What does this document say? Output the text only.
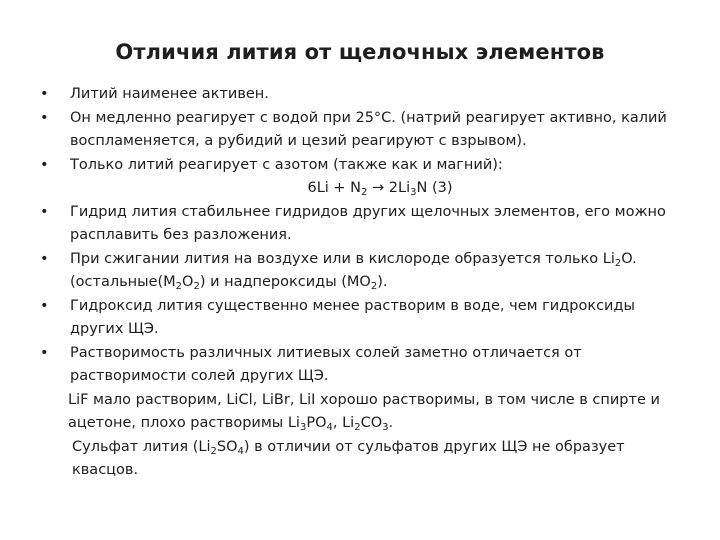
Отличия лития от щелочных элементов
• Литий наименее активен.
• Он медленно реагирует с водой при 25°С. (натрий реагирует активно, калий
воспламеняется, а рубидий и цезий реагируют с взрывом).
• Только литий реагирует с азотом (также как и магний):
$6Li + N_2 \to 2Li_3N$ (3)
• Гидрид лития стабильнее гидридов других щелочных элементов, его можно
расплавить без разложения.
• При сжигании лития на воздухе или в кислороде образуется только $Li_2O$.
($остальные(M_2O_2)$ и надпероксиды $(MO_2)$.
• Гидроксид лития существенно менее растворим в воде, чем гидроксиды
других ЩЭ.
• Растворимость различных литиевых солей заметно отличается от
растворимости солей других ЩЭ.
LiF мало растворим, LiCl, LiBr, LiI хорошо растворимы, в том числе в спирте и
ацетоне, плохо растворимы $Li_3PO_4$, $Li_2CO_3$.
Сульфат лития $(Li_2SO_4)$ в отличии от сульфатов других ЩЭ не образует квасцов.
